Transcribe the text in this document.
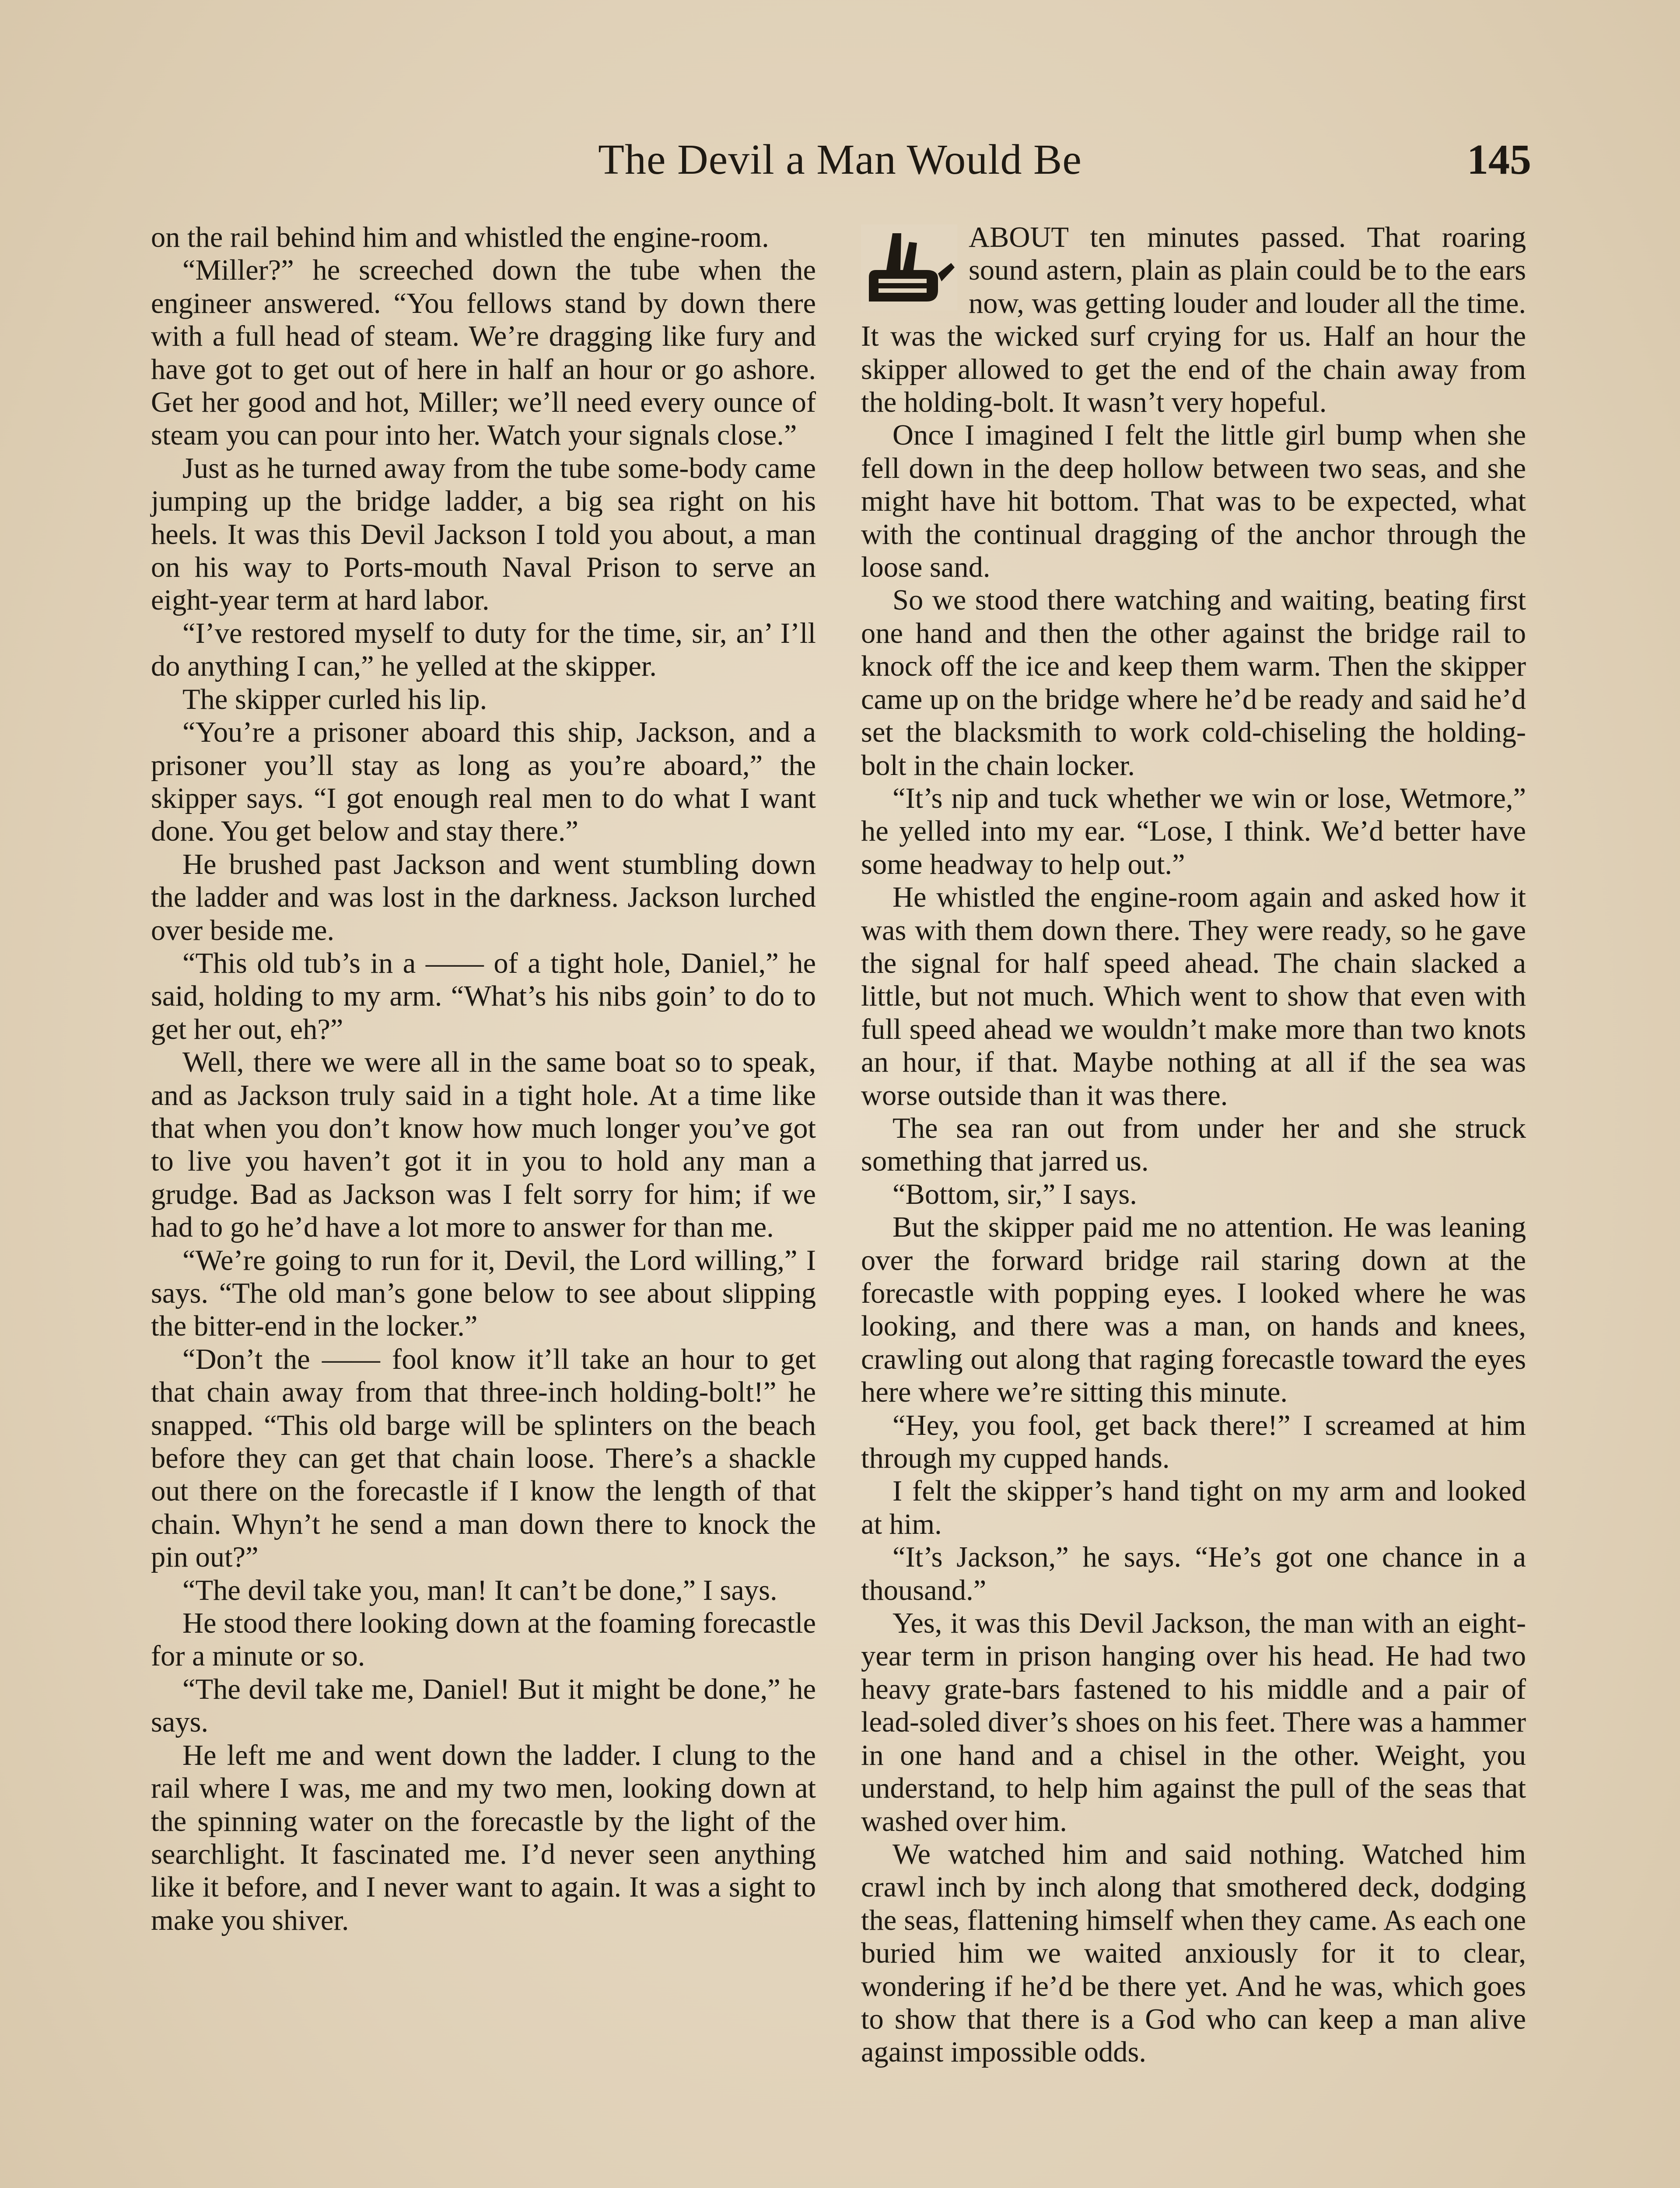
The Devil a Man Would Be	145

on the rail behind him and whistled the engine-room.

“Miller?” he screeched down the tube when the engineer answered. “You fellows stand by down there with a full head of steam. We’re dragging like fury and have got to get out of here in half an hour or go ashore. Get her good and hot, Miller; we’ll need every ounce of steam you can pour into her. Watch your signals close.”

Just as he turned away from the tube some-body came jumping up the bridge ladder, a big sea right on his heels. It was this Devil Jackson I told you about, a man on his way to Ports-mouth Naval Prison to serve an eight-year term at hard labor.

“I’ve restored myself to duty for the time, sir, an’ I’ll do anything I can,” he yelled at the skipper.

The skipper curled his lip.

“You’re a prisoner aboard this ship, Jackson, and a prisoner you’ll stay as long as you’re aboard,” the skipper says. “I got enough real men to do what I want done. You get below and stay there.”

He brushed past Jackson and went stumbling down the ladder and was lost in the darkness. Jackson lurched over beside me.

“This old tub’s in a —— of a tight hole, Daniel,” he said, holding to my arm. “What’s his nibs goin’ to do to get her out, eh?”

Well, there we were all in the same boat so to speak, and as Jackson truly said in a tight hole. At a time like that when you don’t know how much longer you’ve got to live you haven’t got it in you to hold any man a grudge. Bad as Jackson was I felt sorry for him; if we had to go he’d have a lot more to answer for than me.

“We’re going to run for it, Devil, the Lord willing,” I says. “The old man’s gone below to see about slipping the bitter-end in the locker.”

“Don’t the —— fool know it’ll take an hour to get that chain away from that three-inch holding-bolt!” he snapped. “This old barge will be splinters on the beach before they can get that chain loose. There’s a shackle out there on the forecastle if I know the length of that chain. Whyn’t he send a man down there to knock the pin out?”

“The devil take you, man! It can’t be done,” I says.

He stood there looking down at the foaming forecastle for a minute or so.

“The devil take me, Daniel! But it might be done,” he says.

He left me and went down the ladder. I clung to the rail where I was, me and my two men, looking down at the spinning water on the forecastle by the light of the searchlight. It fascinated me. I’d never seen anything like it before, and I never want to again. It was a sight to make you shiver.

ABOUT ten minutes passed. That roaring sound astern, plain as plain could be to the ears now, was getting louder and louder all the time. It was the wicked surf crying for us. Half an hour the skipper allowed to get the end of the chain away from the holding-bolt. It wasn’t very hopeful.

Once I imagined I felt the little girl bump when she fell down in the deep hollow between two seas, and she might have hit bottom. That was to be expected, what with the continual dragging of the anchor through the loose sand.

So we stood there watching and waiting, beating first one hand and then the other against the bridge rail to knock off the ice and keep them warm. Then the skipper came up on the bridge where he’d be ready and said he’d set the blacksmith to work cold-chiseling the holding-bolt in the chain locker.

“It’s nip and tuck whether we win or lose, Wetmore,” he yelled into my ear. “Lose, I think. We’d better have some headway to help out.”

He whistled the engine-room again and asked how it was with them down there. They were ready, so he gave the signal for half speed ahead. The chain slacked a little, but not much. Which went to show that even with full speed ahead we wouldn’t make more than two knots an hour, if that. Maybe nothing at all if the sea was worse outside than it was there.

The sea ran out from under her and she struck something that jarred us.

“Bottom, sir,” I says.

But the skipper paid me no attention. He was leaning over the forward bridge rail staring down at the forecastle with popping eyes. I looked where he was looking, and there was a man, on hands and knees, crawling out along that raging forecastle toward the eyes here where we’re sitting this minute.

“Hey, you fool, get back there!” I screamed at him through my cupped hands.

I felt the skipper’s hand tight on my arm and looked at him.

“It’s Jackson,” he says. “He’s got one chance in a thousand.”

Yes, it was this Devil Jackson, the man with an eight-year term in prison hanging over his head. He had two heavy grate-bars fastened to his middle and a pair of lead-soled diver’s shoes on his feet. There was a hammer in one hand and a chisel in the other. Weight, you understand, to help him against the pull of the seas that washed over him.

We watched him and said nothing. Watched him crawl inch by inch along that smothered deck, dodging the seas, flattening himself when they came. As each one buried him we waited anxiously for it to clear, wondering if he’d be there yet. And he was, which goes to show that there is a God who can keep a man alive against impossible odds.
